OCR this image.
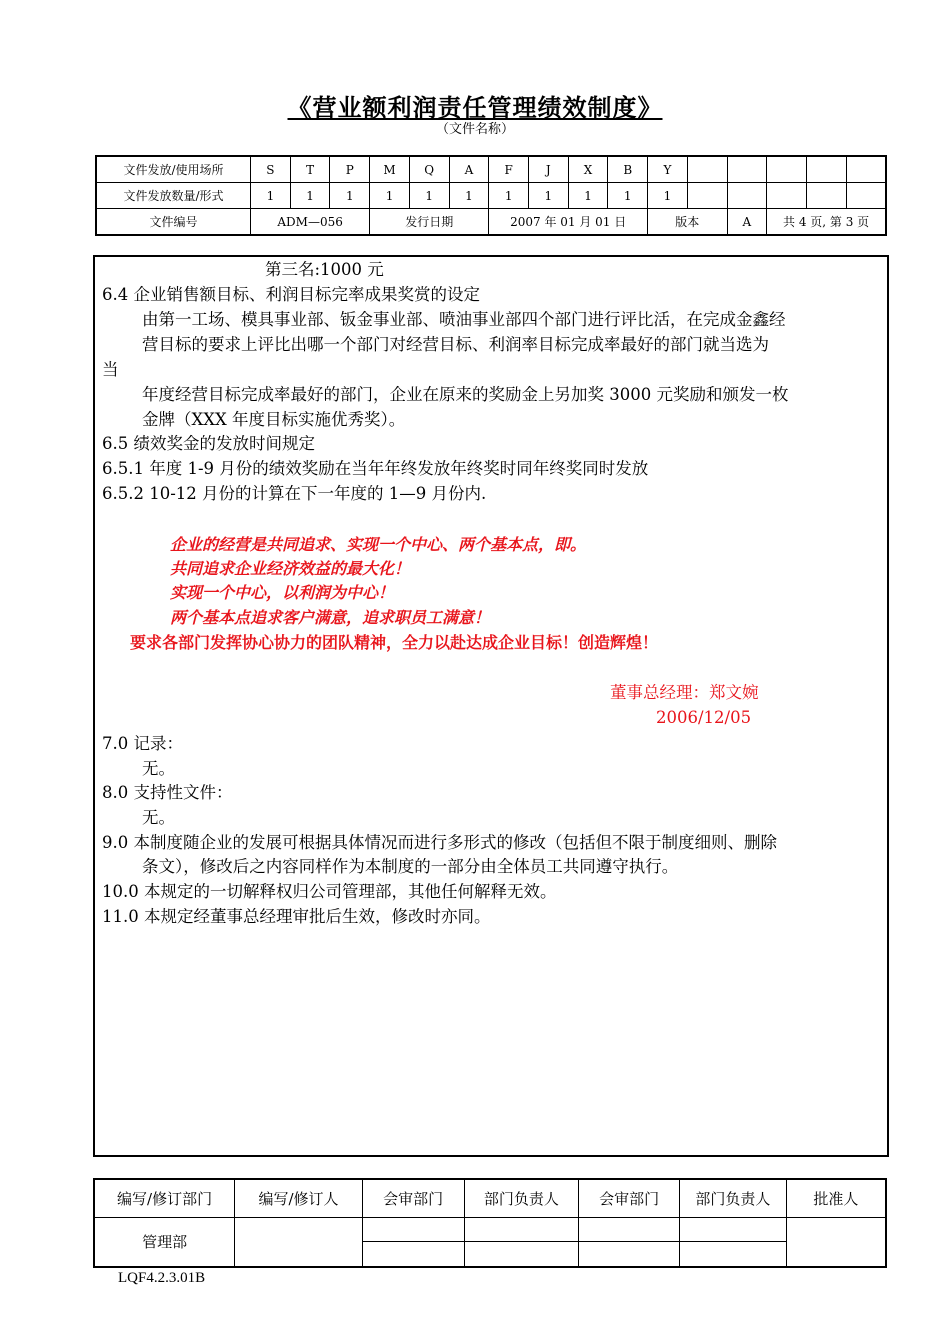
《营业额利润责任管理绩效制度》
（文件名称）
文件发放/使用场所	S	T	P	M	Q	A	F	J	X	B	Y					
文件发放数量/形式	1	1	1	1	1	1	1	1	1	1	1					
文件编号	ADM—056			发行日期			2007 年 01 月 01 日				版本		A	共 4 页, 第 3 页		
第三名:1000 元
6.4 企业销售额目标、利润目标完率成果奖赏的设定
由第一工场、模具事业部、钣金事业部、喷油事业部四个部门进行评比活，在完成金鑫经
营目标的要求上评比出哪一个部门对经营目标、利润率目标完成率最好的部门就当选为
当
年度经营目标完成率最好的部门，企业在原来的奖励金上另加奖 3000 元奖励和颁发一枚
金牌（XXX 年度目标实施优秀奖）。
6.5 绩效奖金的发放时间规定
6.5.1 年度 1-9 月份的绩效奖励在当年年终发放年终奖时同年终奖同时发放
6.5.2 10-12 月份的计算在下一年度的 1—9 月份内.
企业的经营是共同追求、实现一个中心、两个基本点，即。
共同追求企业经济效益的最大化！
实现一个中心，以利润为中心！
两个基本点追求客户满意，追求职员工满意！
要求各部门发挥协心协力的团队精神，全力以赴达成企业目标！创造辉煌！
董事总经理：郑文婉
2006/12/05
7.0 记录：
无。
8.0 支持性文件：
无。
9.0 本制度随企业的发展可根据具体情况而进行多形式的修改（包括但不限于制度细则、删除
条文），修改后之内容同样作为本制度的一部分由全体员工共同遵守执行。
10.0 本规定的一切解释权归公司管理部，其他任何解释无效。
11.0 本规定经董事总经理审批后生效，修改时亦同。
编写/修订部门	编写/修订人	会审部门	部门负责人	会审部门	部门负责人	批准人
管理部						

LQF4.2.3.01B
